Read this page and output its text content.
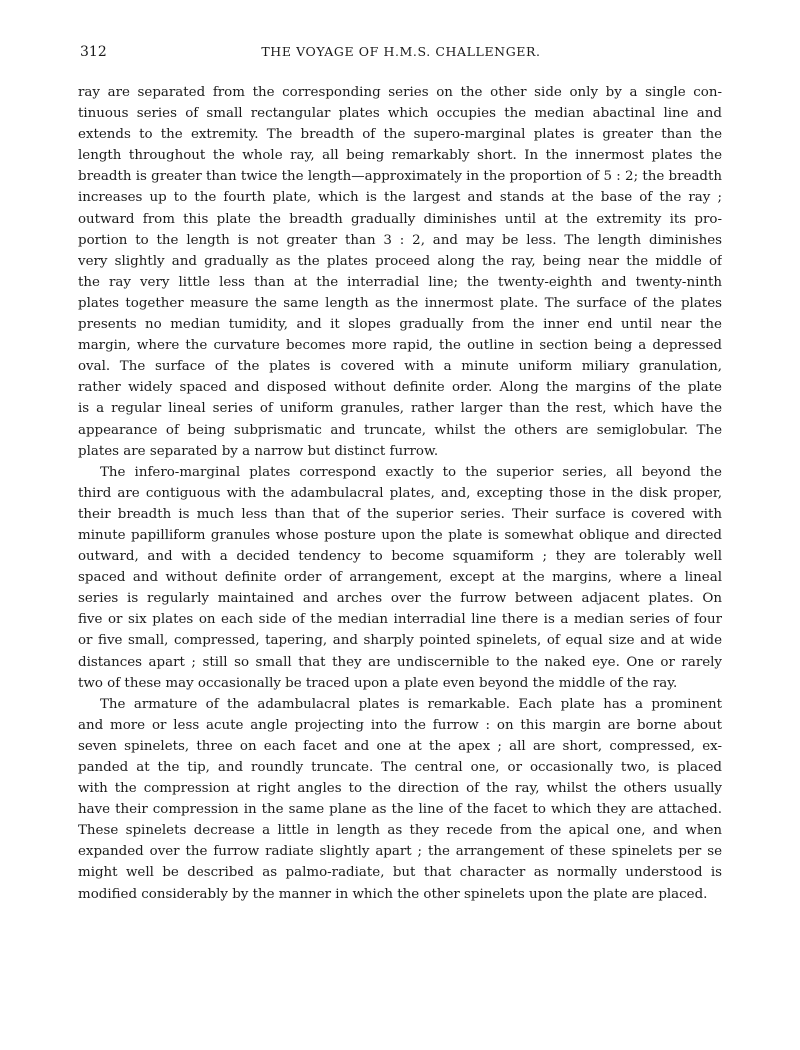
312	THE VOYAGE OF H.M.S. CHALLENGER.
ray are separated from the corresponding series on the other side only by a single con-
tinuous series of small rectangular plates which occupies the median abactinal line and
extends to the extremity. The breadth of the supero-marginal plates is greater than the
length throughout the whole ray, all being remarkably short. In the innermost plates the
breadth is greater than twice the length—approximately in the proportion of 5 : 2; the breadth
increases up to the fourth plate, which is the largest and stands at the base of the ray ;
outward from this plate the breadth gradually diminishes until at the extremity its pro-
portion to the length is not greater than 3 : 2, and may be less. The length diminishes
very slightly and gradually as the plates proceed along the ray, being near the middle of
the ray very little less than at the interradial line; the twenty-eighth and twenty-ninth
plates together measure the same length as the innermost plate. The surface of the plates
presents no median tumidity, and it slopes gradually from the inner end until near the
margin, where the curvature becomes more rapid, the outline in section being a depressed
oval. The surface of the plates is covered with a minute uniform miliary granulation,
rather widely spaced and disposed without definite order. Along the margins of the plate
is a regular lineal series of uniform granules, rather larger than the rest, which have the
appearance of being subprismatic and truncate, whilst the others are semiglobular. The
plates are separated by a narrow but distinct furrow.
The infero-marginal plates correspond exactly to the superior series, all beyond the
third are contiguous with the adambulacral plates, and, excepting those in the disk proper,
their breadth is much less than that of the superior series. Their surface is covered with
minute papilliform granules whose posture upon the plate is somewhat oblique and directed
outward, and with a decided tendency to become squamiform ; they are tolerably well
spaced and without definite order of arrangement, except at the margins, where a lineal
series is regularly maintained and arches over the furrow between adjacent plates. On
five or six plates on each side of the median interradial line there is a median series of four
or five small, compressed, tapering, and sharply pointed spinelets, of equal size and at wide
distances apart ; still so small that they are undiscernible to the naked eye. One or rarely
two of these may occasionally be traced upon a plate even beyond the middle of the ray.
The armature of the adambulacral plates is remarkable. Each plate has a prominent
and more or less acute angle projecting into the furrow : on this margin are borne about
seven spinelets, three on each facet and one at the apex ; all are short, compressed, ex-
panded at the tip, and roundly truncate. The central one, or occasionally two, is placed
with the compression at right angles to the direction of the ray, whilst the others usually
have their compression in the same plane as the line of the facet to which they are attached.
These spinelets decrease a little in length as they recede from the apical one, and when
expanded over the furrow radiate slightly apart ; the arrangement of these spinelets per se
might well be described as palmo-radiate, but that character as normally understood is
modified considerably by the manner in which the other spinelets upon the plate are placed.
